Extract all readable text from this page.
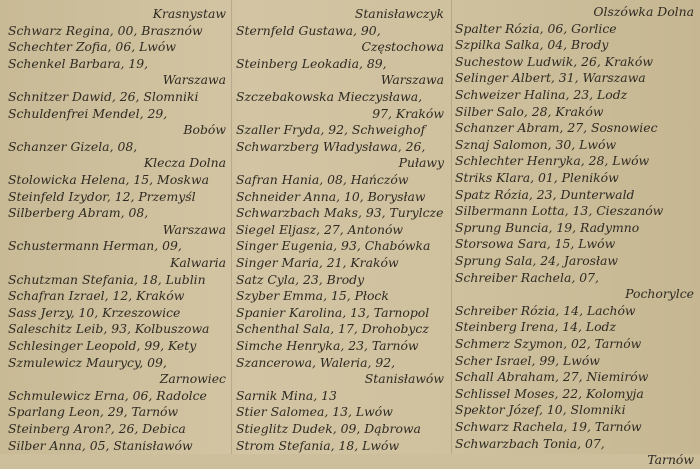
Krasnystaw
Schwarz Regina, 00, Brasznów
Schechter Zofia, 06, Lwów
Schenkel Barbara, 19,
Warszawa
Schnitzer Dawid, 26, Slomniki
Schuldenfrei Mendel, 29,
Bobów
Schanzer Gizela, 08,
Klecza Dolna
Stolowicka Helena, 15, Moskwa
Steinfeld Izydor, 12, Przemyśl
Silberberg Abram, 08,
Warszawa
Schustermann Herman, 09,
Kalwaria
Schutzman Stefania, 18, Lublin
Schafran Izrael, 12, Kraków
Sass Jerzy, 10, Krzeszowice
Saleschitz Leib, 93, Kolbuszowa
Schlesinger Leopold, 99, Kety
Szmulewicz Maurycy, 09,
Zarnowiec
Schmulewicz Erna, 06, Radolce
Sparlang Leon, 29, Tarnów
Steinberg Aron?, 26, Debica
Silber Anna, 05, Stanisławów
Stanisławczyk
Sternfeld Gustawa, 90,
Częstochowa
Steinberg Leokadia, 89,
Warszawa
Szczebakowska Mieczysława,
97, Kraków
Szaller Fryda, 92, Schweighof
Schwarzberg Władysława, 26,
Puławy
Safran Hania, 08, Hańczów
Schneider Anna, 10, Borysław
Schwarzbach Maks, 93, Turylcze
Siegel Eljasz, 27, Antonów
Singer Eugenia, 93, Chabówka
Singer Maria, 21, Kraków
Satz Cyla, 23, Brody
Szyber Emma, 15, Płock
Spanier Karolina, 13, Tarnopol
Schenthal Sala, 17, Drohobycz
Simche Henryka, 23, Tarnów
Szancerowa, Waleria, 92,
Stanisławów
Sarnik Mina, 13
Stier Salomea, 13, Lwów
Stieglitz Dudek, 09, Dąbrowa
Strom Stefania, 18, Lwów
Olszówka Dolna
Spalter Rózia, 06, Gorlice
Szpilka Salka, 04, Brody
Suchestow Ludwik, 26, Kraków
Selinger Albert, 31, Warszawa
Schweizer Halina, 23, Lodz
Silber Salo, 28, Kraków
Schanzer Abram, 27, Sosnowiec
Sznaj Salomon, 30, Lwów
Schlechter Henryka, 28, Lwów
Striks Klara, 01, Pleników
Spatz Rózia, 23, Dunterwald
Silbermann Lotta, 13, Cieszanów
Sprung Buncia, 19, Radymno
Storsowa Sara, 15, Lwów
Sprung Sala, 24, Jarosław
Schreiber Rachela, 07,
Pochorylce
Schreiber Rózia, 14, Lachów
Steinberg Irena, 14, Lodz
Schmerz Szymon, 02, Tarnów
Scher Israel, 99, Lwów
Schall Abraham, 27, Niemirów
Schlissel Moses, 22, Kolomyja
Spektor Józef, 10, Slomniki
Schwarz Rachela, 19, Tarnów
Schwarzbach Tonia, 07,
Tarnów
